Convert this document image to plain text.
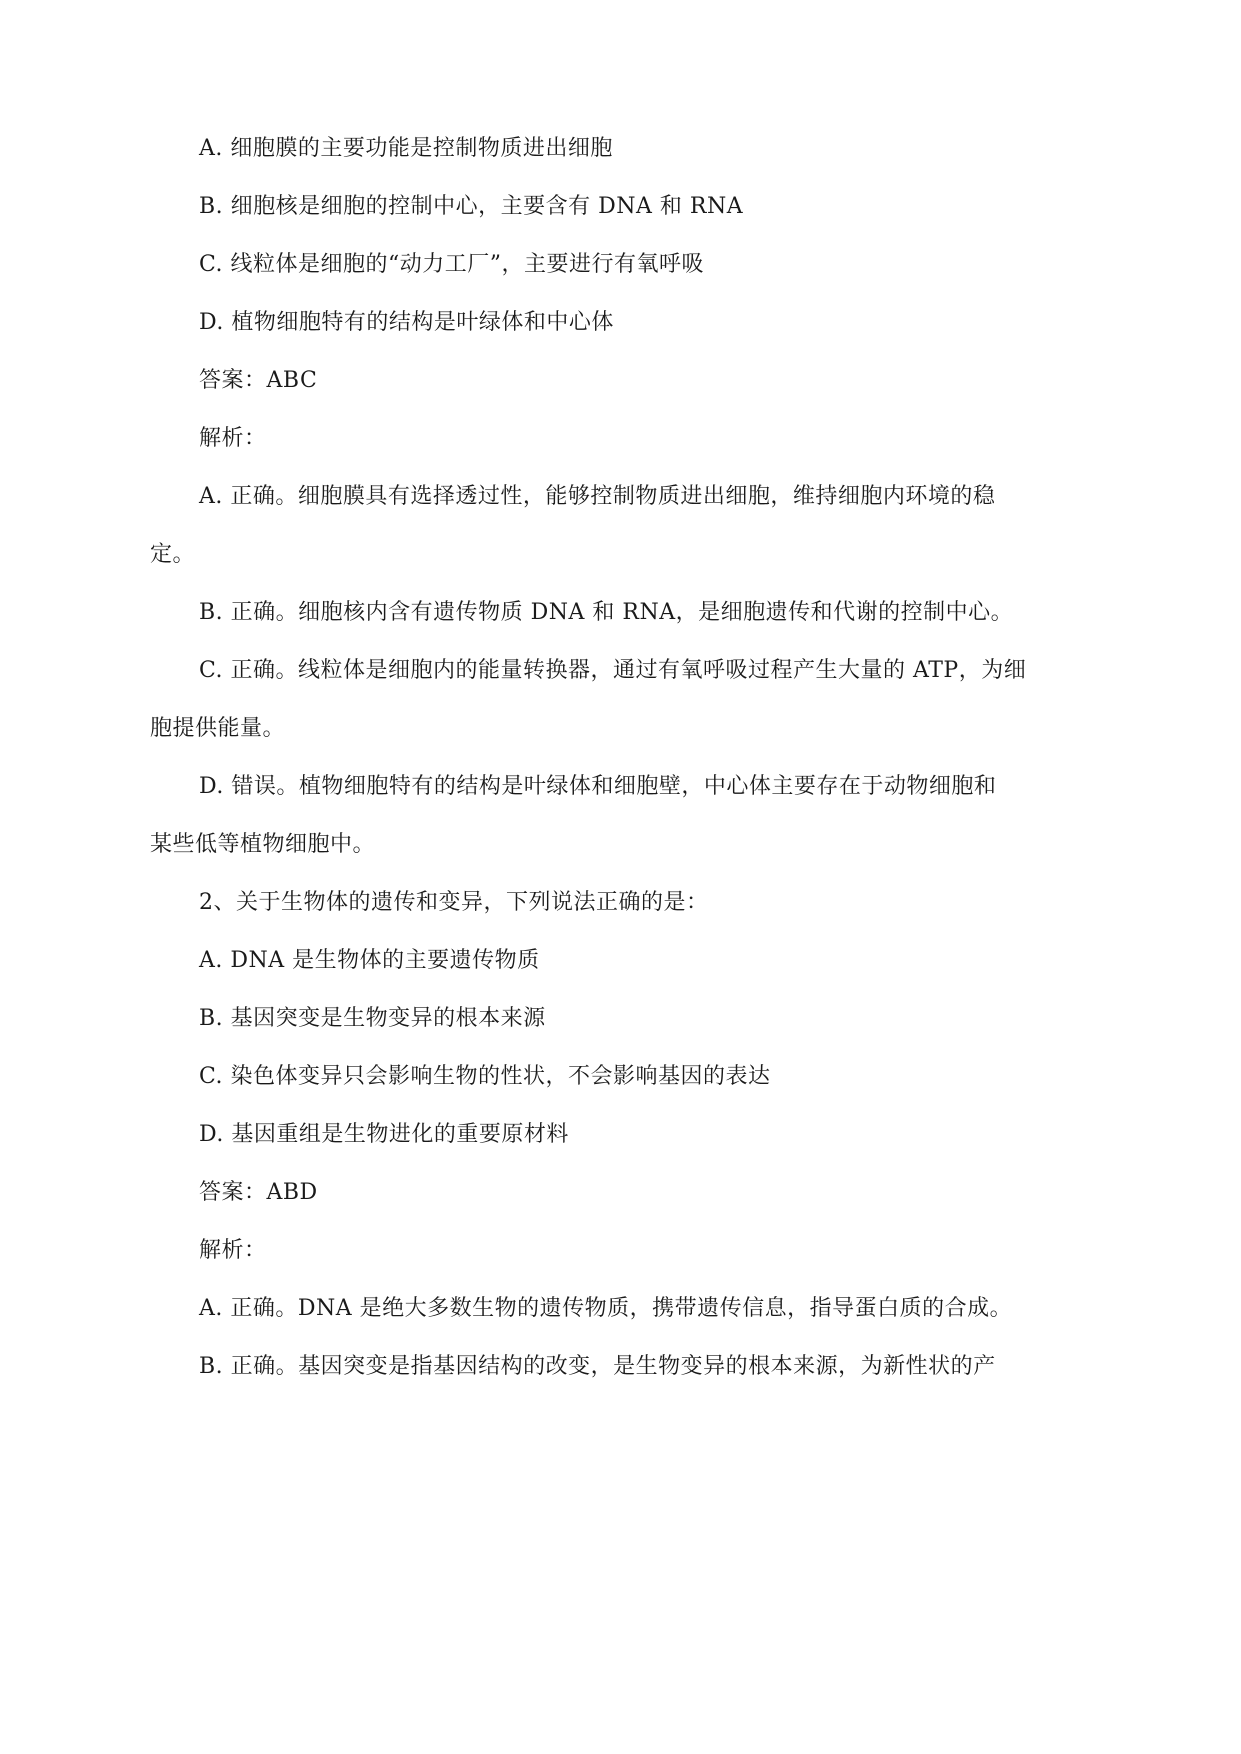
A. 细胞膜的主要功能是控制物质进出细胞
B. 细胞核是细胞的控制中心，主要含有 DNA 和 RNA
C. 线粒体是细胞的“动力工厂”，主要进行有氧呼吸
D. 植物细胞特有的结构是叶绿体和中心体
答案：ABC
解析：
A. 正确。细胞膜具有选择透过性，能够控制物质进出细胞，维持细胞内环境的稳
定。
B. 正确。细胞核内含有遗传物质 DNA 和 RNA，是细胞遗传和代谢的控制中心。
C. 正确。线粒体是细胞内的能量转换器，通过有氧呼吸过程产生大量的 ATP，为细
胞提供能量。
D. 错误。植物细胞特有的结构是叶绿体和细胞壁，中心体主要存在于动物细胞和
某些低等植物细胞中。
2、关于生物体的遗传和变异，下列说法正确的是：
A. DNA 是生物体的主要遗传物质
B. 基因突变是生物变异的根本来源
C. 染色体变异只会影响生物的性状，不会影响基因的表达
D. 基因重组是生物进化的重要原材料
答案：ABD
解析：
A. 正确。DNA 是绝大多数生物的遗传物质，携带遗传信息，指导蛋白质的合成。
B. 正确。基因突变是指基因结构的改变，是生物变异的根本来源，为新性状的产
